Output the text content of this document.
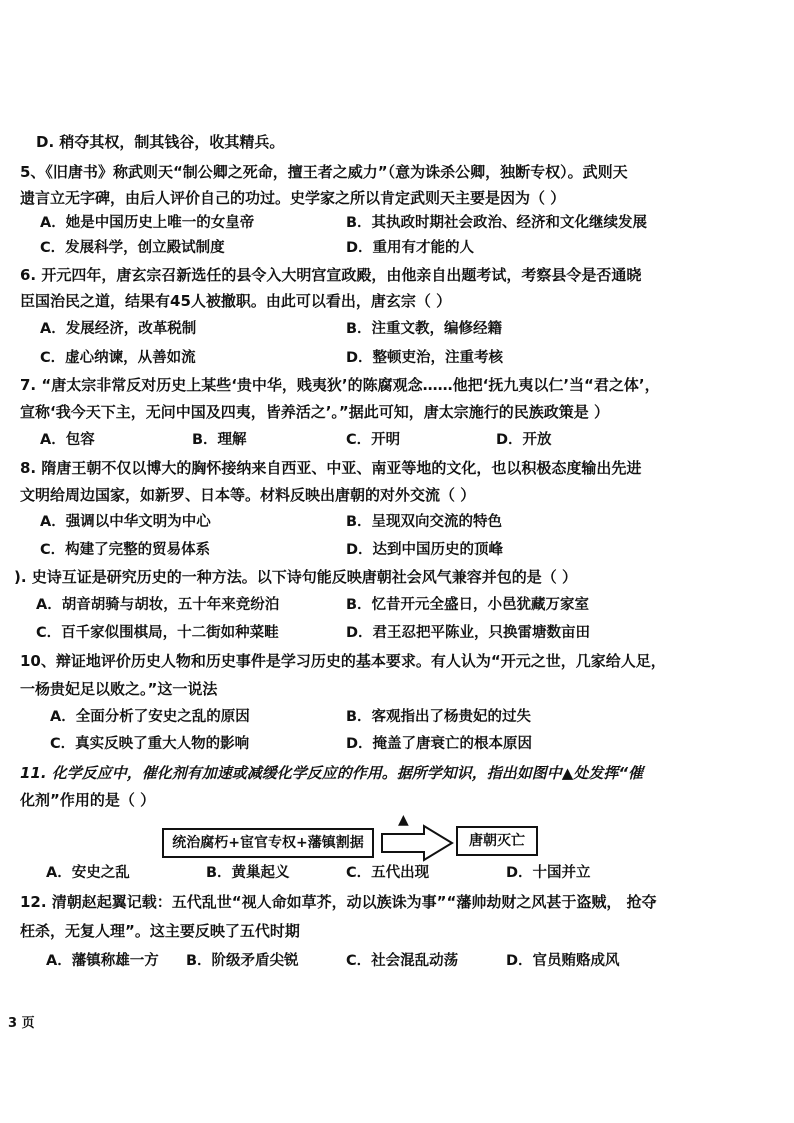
D. 稍夺其权，制其钱谷，收其精兵。
5、《旧唐书》称武则天“制公卿之死命，擅王者之威力”（意为诛杀公卿，独断专权）。武则天
遗言立无字碑，由后人评价自己的功过。史学家之所以肯定武则天主要是因为（ ）
A．她是中国历史上唯一的女皇帝	B．其执政时期社会政治、经济和文化继续发展
C．发展科学，创立殿试制度	D．重用有才能的人
6. 开元四年，唐玄宗召新选任的县令入大明宫宣政殿，由他亲自出题考试，考察县令是否通晓
臣国治民之道，结果有45人被撤职。由此可以看出，唐玄宗（ ）
A．发展经济，改革税制	B．注重文教，编修经籍
C．虚心纳谏，从善如流	D．整顿吏治，注重考核
7. “唐太宗非常反对历史上某些‘贵中华，贱夷狄’的陈腐观念……他把‘抚九夷以仁’当“君之体’，
宣称‘我今天下主，无问中国及四夷，皆养活之’。”据此可知，唐太宗施行的民族政策是 ）
A．包容	B．理解	C．开明	D．开放
8. 隋唐王朝不仅以博大的胸怀接纳来自西亚、中亚、南亚等地的文化，也以积极态度输出先进
文明给周边国家，如新罗、日本等。材料反映出唐朝的对外交流（ ）
A．强调以中华文明为中心	B．呈现双向交流的特色
C．构建了完整的贸易体系	D．达到中国历史的顶峰
). 史诗互证是研究历史的一种方法。以下诗句能反映唐朝社会风气兼容并包的是（ ）
A．胡音胡骑与胡妆，五十年来竞纷泊	B．忆昔开元全盛日，小邑犹藏万家室
C．百千家似围棋局，十二街如种菜畦	D．君王忍把平陈业，只换雷塘数亩田
10、辩证地评价历史人物和历史事件是学习历史的基本要求。有人认为“开元之世，几家给人足，
一杨贵妃足以败之。”这一说法
A．全面分析了安史之乱的原因	B．客观指出了杨贵妃的过失
C．真实反映了重大人物的影响	D．掩盖了唐衰亡的根本原因
11. 化学反应中，催化剂有加速或减缓化学反应的作用。据所学知识，指出如图中▲处发挥“催
化剂”作用的是（ ）
统治腐朽+宦官专权+藩镇割据
▲
唐朝灭亡
A．安史之乱	B．黄巢起义	C．五代出现	D．十国并立
12. 清朝赵起翼记载：五代乱世“视人命如草芥，动以族诛为事”“藩帅劫财之风甚于盗贼， 抢夺
枉杀，无复人理”。这主要反映了五代时期
A．藩镇称雄一方 B．阶级矛盾尖锐	C．社会混乱动荡	D．官员贿赂成风
3 页
